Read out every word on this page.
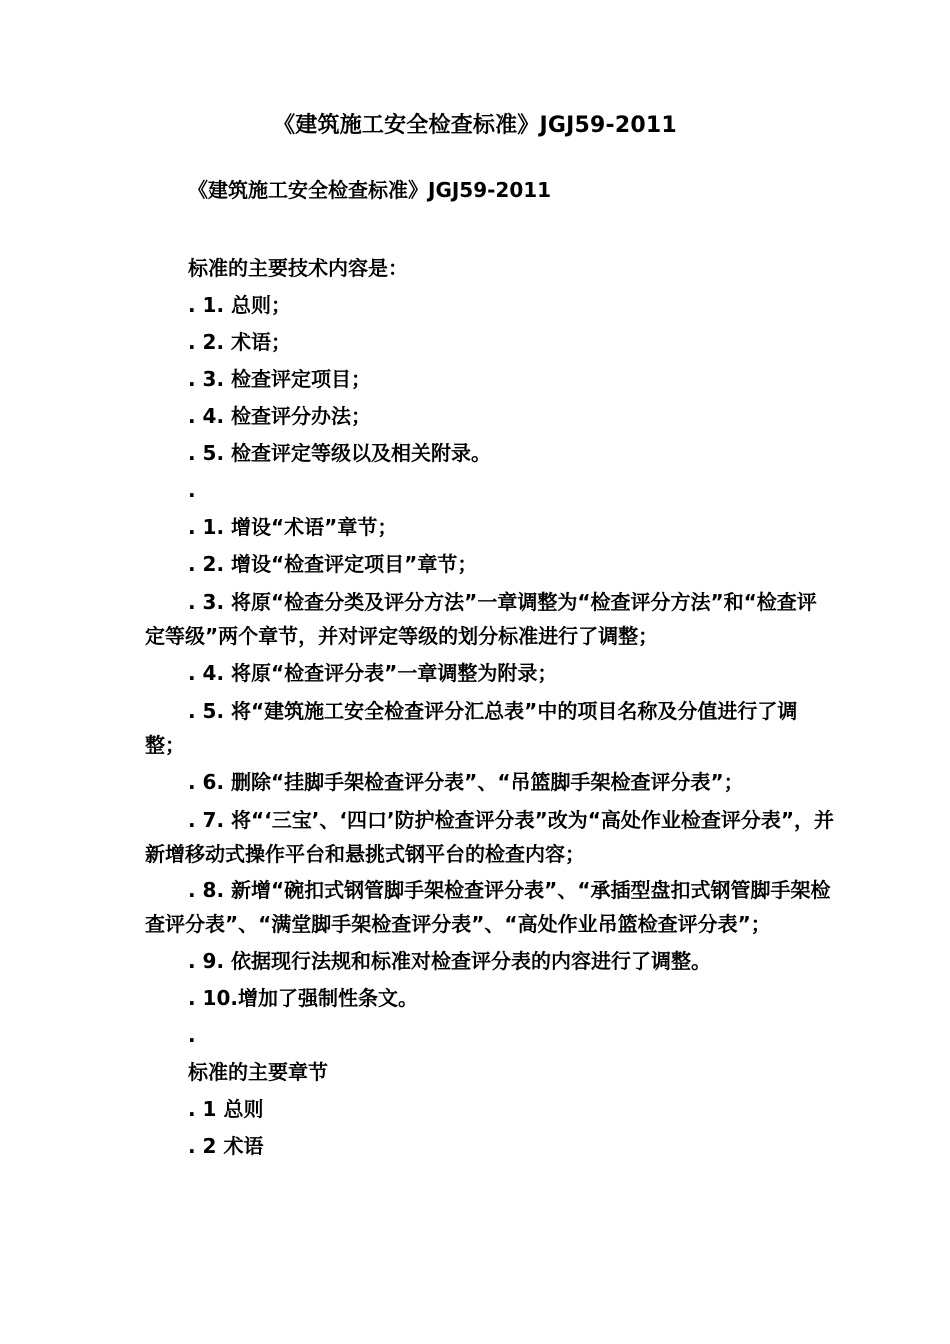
《建筑施工安全检查标准》JGJ59-2011
《建筑施工安全检查标准》JGJ59-2011

标准的主要技术内容是：

. 1. 总则；

. 2. 术语；

. 3. 检查评定项目；

. 4. 检查评分办法；

. 5. 检查评定等级以及相关附录。

.

. 1. 增设“术语”章节；

. 2. 增设“检查评定项目”章节；

. 3. 将原“检查分类及评分方法”一章调整为“检查评分方法”和“检查评定等级”两个章节，并对评定等级的划分标准进行了调整；

. 4. 将原“检查评分表”一章调整为附录；

. 5. 将“建筑施工安全检查评分汇总表”中的项目名称及分值进行了调整；

. 6. 删除“挂脚手架检查评分表”、“吊篮脚手架检查评分表”；

. 7. 将“‘三宝’、‘四口’防护检查评分表”改为“高处作业检查评分表”，并新增移动式操作平台和悬挑式钢平台的检查内容；

. 8. 新增“碗扣式钢管脚手架检查评分表”、“承插型盘扣式钢管脚手架检查评分表”、“满堂脚手架检查评分表”、“高处作业吊篮检查评分表”；

. 9. 依据现行法规和标准对检查评分表的内容进行了调整。

. 10.增加了强制性条文。

.

标准的主要章节

. 1 总则

. 2 术语
